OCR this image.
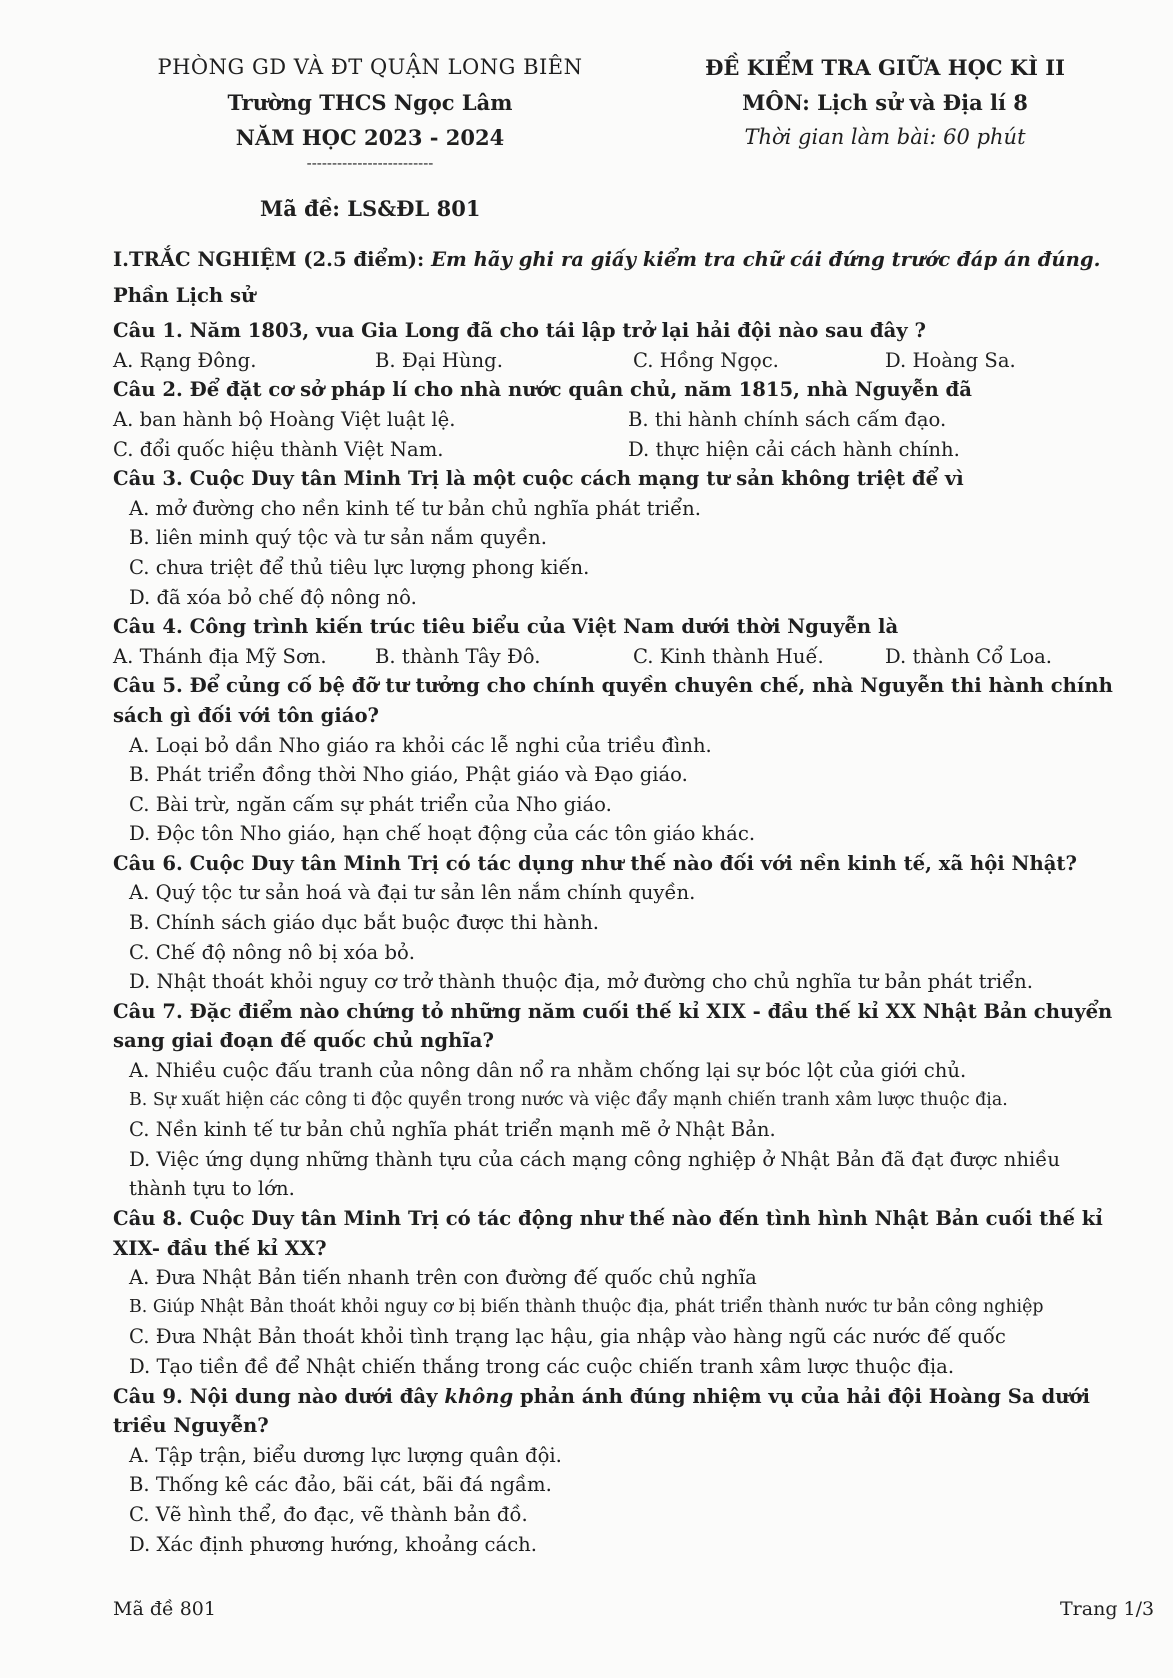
PHÒNG GD VÀ ĐT QUẬN LONG BIÊN
Trường THCS Ngọc Lâm
NĂM HỌC 2023 - 2024
-------------------------
ĐỀ KIỂM TRA GIỮA HỌC KÌ II
MÔN: Lịch sử và Địa lí 8
Thời gian làm bài: 60 phút
Mã đề: LS&ĐL 801
I.TRẮC NGHIỆM (2.5 điểm): Em hãy ghi ra giấy kiểm tra chữ cái đứng trước đáp án đúng.
Phần Lịch sử
Câu 1. Năm 1803, vua Gia Long đã cho tái lập trở lại hải đội nào sau đây ?
A. Rạng Đông.	B. Đại Hùng.	C. Hồng Ngọc.	D. Hoàng Sa.
Câu 2. Để đặt cơ sở pháp lí cho nhà nước quân chủ, năm 1815, nhà Nguyễn đã
A. ban hành bộ Hoàng Việt luật lệ.	B. thi hành chính sách cấm đạo.
C. đổi quốc hiệu thành Việt Nam.	D. thực hiện cải cách hành chính.
Câu 3. Cuộc Duy tân Minh Trị là một cuộc cách mạng tư sản không triệt để vì
A. mở đường cho nền kinh tế tư bản chủ nghĩa phát triển.
B. liên minh quý tộc và tư sản nắm quyền.
C. chưa triệt để thủ tiêu lực lượng phong kiến.
D. đã xóa bỏ chế độ nông nô.
Câu 4. Công trình kiến trúc tiêu biểu của Việt Nam dưới thời Nguyễn là
A. Thánh địa Mỹ Sơn.	B. thành Tây Đô.	C. Kinh thành Huế.	D. thành Cổ Loa.
Câu 5. Để củng cố bệ đỡ tư tưởng cho chính quyền chuyên chế, nhà Nguyễn thi hành chính sách gì đối với tôn giáo?
A. Loại bỏ dần Nho giáo ra khỏi các lễ nghi của triều đình.
B. Phát triển đồng thời Nho giáo, Phật giáo và Đạo giáo.
C. Bài trừ, ngăn cấm sự phát triển của Nho giáo.
D. Độc tôn Nho giáo, hạn chế hoạt động của các tôn giáo khác.
Câu 6. Cuộc Duy tân Minh Trị có tác dụng như thế nào đối với nền kinh tế, xã hội Nhật?
A. Quý tộc tư sản hoá và đại tư sản lên nắm chính quyền.
B. Chính sách giáo dục bắt buộc được thi hành.
C. Chế độ nông nô bị xóa bỏ.
D. Nhật thoát khỏi nguy cơ trở thành thuộc địa, mở đường cho chủ nghĩa tư bản phát triển.
Câu 7. Đặc điểm nào chứng tỏ những năm cuối thế kỉ XIX - đầu thế kỉ XX Nhật Bản chuyển sang giai đoạn đế quốc chủ nghĩa?
A. Nhiều cuộc đấu tranh của nông dân nổ ra nhằm chống lại sự bóc lột của giới chủ.
B. Sự xuất hiện các công ti độc quyền trong nước và việc đẩy mạnh chiến tranh xâm lược thuộc địa.
C. Nền kinh tế tư bản chủ nghĩa phát triển mạnh mẽ ở Nhật Bản.
D. Việc ứng dụng những thành tựu của cách mạng công nghiệp ở Nhật Bản đã đạt được nhiều thành tựu to lớn.
Câu 8. Cuộc Duy tân Minh Trị có tác động như thế nào đến tình hình Nhật Bản cuối thế kỉ XIX- đầu thế kỉ XX?
A. Đưa Nhật Bản tiến nhanh trên con đường đế quốc chủ nghĩa
B. Giúp Nhật Bản thoát khỏi nguy cơ bị biến thành thuộc địa, phát triển thành nước tư bản công nghiệp
C. Đưa Nhật Bản thoát khỏi tình trạng lạc hậu, gia nhập vào hàng ngũ các nước đế quốc
D. Tạo tiền đề để Nhật chiến thắng trong các cuộc chiến tranh xâm lược thuộc địa.
Câu 9. Nội dung nào dưới đây không phản ánh đúng nhiệm vụ của hải đội Hoàng Sa dưới triều Nguyễn?
A. Tập trận, biểu dương lực lượng quân đội.
B. Thống kê các đảo, bãi cát, bãi đá ngầm.
C. Vẽ hình thể, đo đạc, vẽ thành bản đồ.
D. Xác định phương hướng, khoảng cách.
Mã đề 801	Trang 1/3
